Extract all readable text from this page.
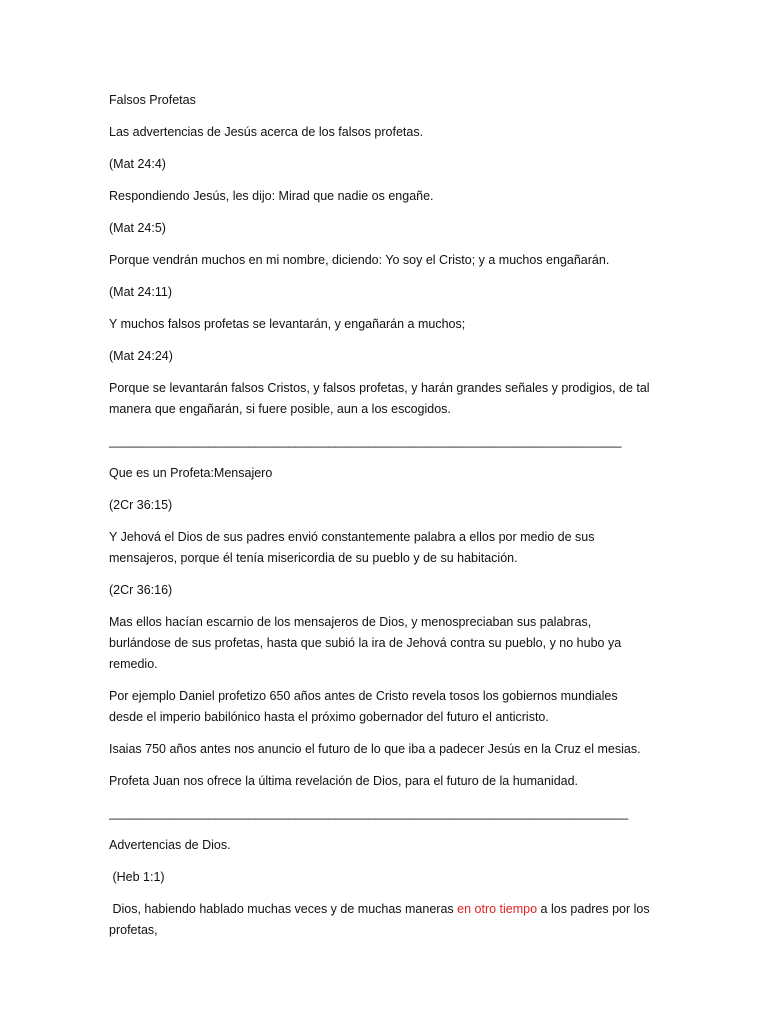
Falsos Profetas

Las advertencias de Jesús acerca de los falsos profetas.

(Mat 24:4)

Respondiendo Jesús, les dijo: Mirad que nadie os engañe.

(Mat 24:5)

Porque vendrán muchos en mi nombre, diciendo: Yo soy el Cristo; y a muchos engañarán.

(Mat 24:11)

Y muchos falsos profetas se levantarán, y engañarán a muchos;

(Mat 24:24)

Porque se levantarán falsos Cristos, y falsos profetas, y harán grandes señales y prodigios, de tal manera que engañarán, si fuere posible, aun a los escogidos.

_____________________________________________________________________________

Que es un Profeta:Mensajero

(2Cr 36:15)

Y Jehová el Dios de sus padres envió constantemente palabra a ellos por medio de sus mensajeros, porque él tenía misericordia de su pueblo y de su habitación.

(2Cr 36:16)

Mas ellos hacían escarnio de los mensajeros de Dios, y menospreciaban sus palabras, burlándose de sus profetas, hasta que subió la ira de Jehová contra su pueblo, y no hubo ya remedio.

Por ejemplo Daniel profetizo 650 años antes de Cristo revela tosos los gobiernos mundiales desde el imperio babilónico hasta el próximo gobernador del futuro el anticristo.

Isaias 750 años antes nos anuncio el futuro de lo que iba a padecer Jesús en la Cruz el mesias.

Profeta Juan nos ofrece la última revelación de Dios, para el futuro de la humanidad.

______________________________________________________________________________

Advertencias de Dios.

(Heb 1:1)

Dios, habiendo hablado muchas veces y de muchas maneras en otro tiempo a los padres por los profetas,
